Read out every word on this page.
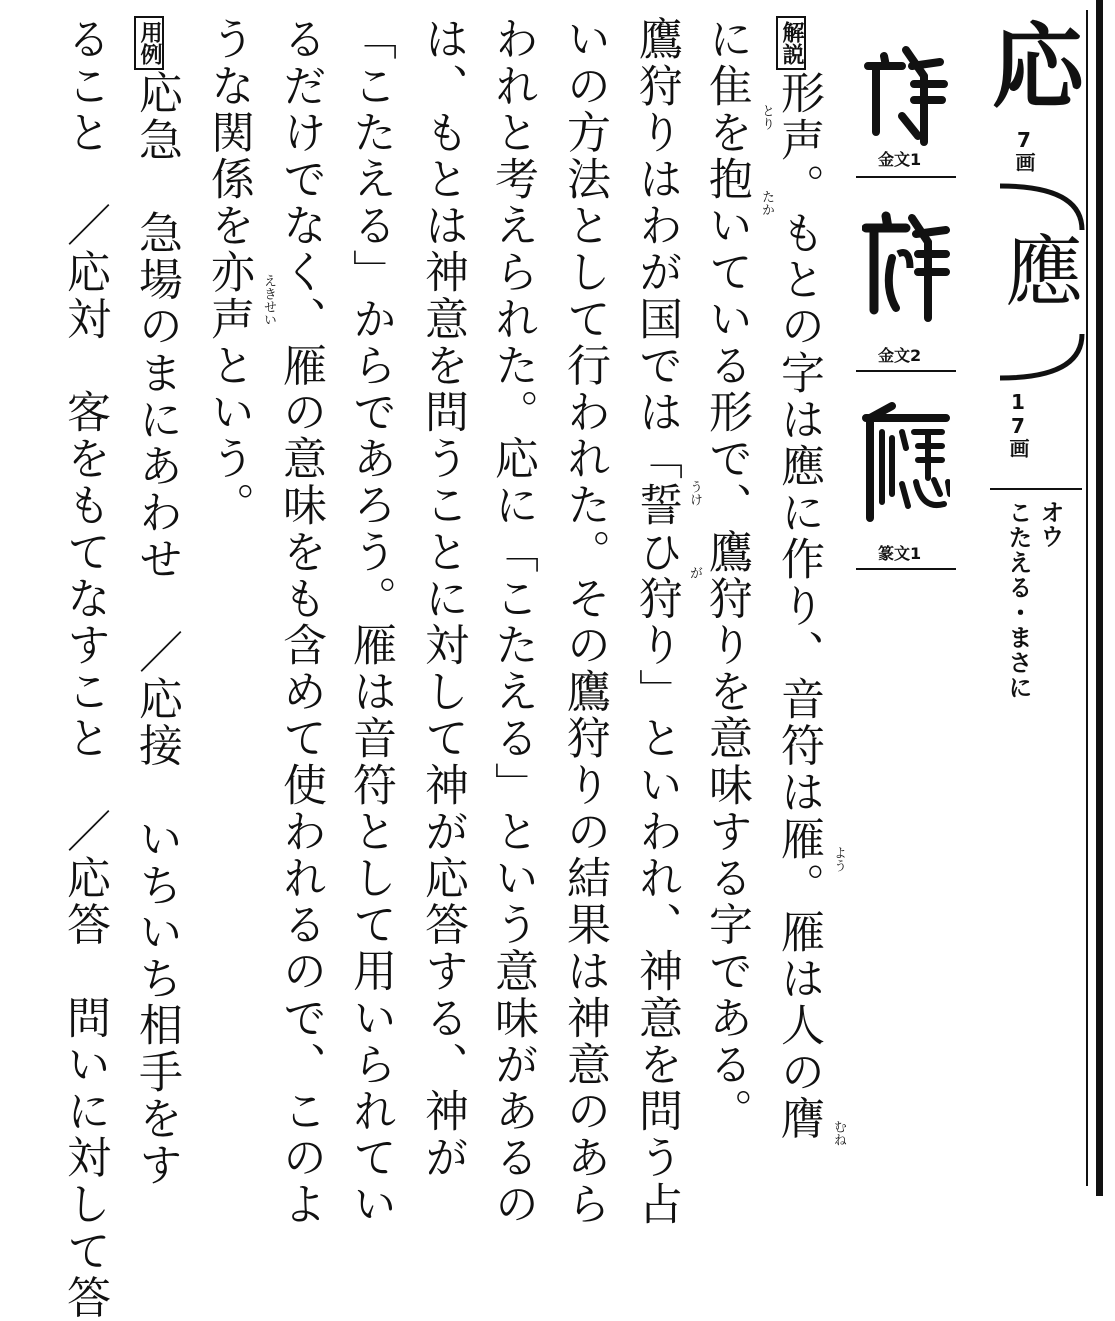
応
7画
應
17画
オウ
こたえる・まさに
金文1
金文2
篆文1
解説
用例
形声。もとの字は應に作り、音符は雁。雁は人の膺
に隹を抱いている形で、鷹狩りを意味する字である。
鷹狩りはわが国では「誓ひ狩り」といわれ、神意を問う占
いの方法として行われた。その鷹狩りの結果は神意のあら
われと考えられた。応に「こたえる」という意味があるの
は、もとは神意を問うことに対して神が応答する、神が
「こたえる」からであろう。雁は音符として用いられてい
るだけでなく、雁の意味をも含めて使われるので、このよ
うな関係を亦声という。
応急　急場のまにあわせ　／応接　いちいち相手をす
ること　／応対　客をもてなすこと　／応答　問いに対して答	よう
むね
とり
たか
うけ
が
えきせい
